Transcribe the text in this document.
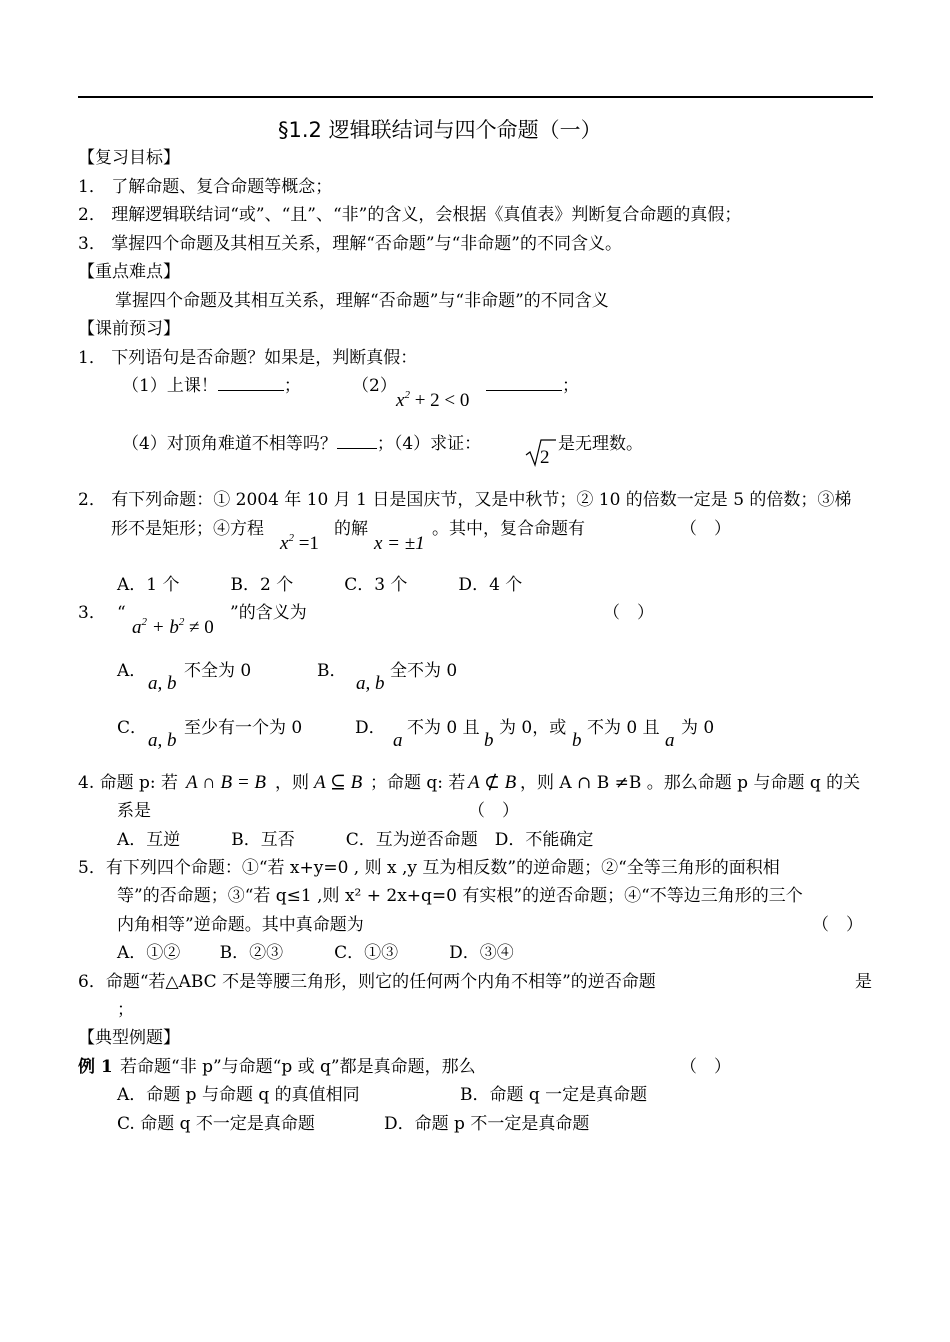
§1.2 逻辑联结词与四个命题（一）
【复习目标】
1． 了解命题、复合命题等概念；
2． 理解逻辑联结词“或”、“且”、“非”的含义，会根据《真值表》判断复合命题的真假；
3． 掌握四个命题及其相互关系，理解“否命题”与“非命题”的不同含义。
【重点难点】
掌握四个命题及其相互关系，理解“否命题”与“非命题”的不同含义
【课前预习】
1． 下列语句是否命题？如果是，判断真假：
（1）上课！	；	（2）
$x^2 + 2 < 0$
；
（4）对顶角难道不相等吗？ ；（4）求证：
2
是无理数。
2． 有下列命题：① 2004 年 10 月 1 日是国庆节，又是中秋节；② 10 的倍数一定是 5 的倍数；③梯
形不是矩形；④方程
$x^2 =1$
的解
x = ±1
。其中，复合命题有	（　）
A．1 个　　　B．2 个　　　C．3 个　　　D．4 个
3． “
$a^2 + b^2 \ne 0$
”的含义为	（　）
A．
a, b
不全为 0	B．
a, b
全不为 0
C．
a, b
至少有一个为 0	D．
a
不为 0 且
b
为 0，或
b
不为 0 且
a
为 0
4. 命题 p: 若 A ∩ B = B ，则 A ⊆ B ；命题 q: 若 A ⊄ B ，则 A ∩ B ≠B 。那么命题 p 与命题 q 的关
系是	（　）
A．互逆　　　B．互否　　　C．互为逆否命题　D．不能确定
5．有下列四个命题：①“若 x+y=0 , 则 x ,y 互为相反数”的逆命题；②“全等三角形的面积相
等”的否命题；③“若 q≤1 ,则 x² + 2x+q=0 有实根”的逆否命题；④“不等边三角形的三个
内角相等”逆命题。其中真命题为	（　）
A．①②　　 B．②③　　　C．①③　　　D．③④
6．命题“若△ABC 不是等腰三角形，则它的任何两个内角不相等”的逆否命题	是
；
【典型例题】
例 1 若命题“非 p”与命题“p 或 q”都是真命题，那么	（　）
A．命题 p 与命题 q 的真值相同	B．命题 q 一定是真命题
C. 命题 q 不一定是真命题	D．命题 p 不一定是真命题
